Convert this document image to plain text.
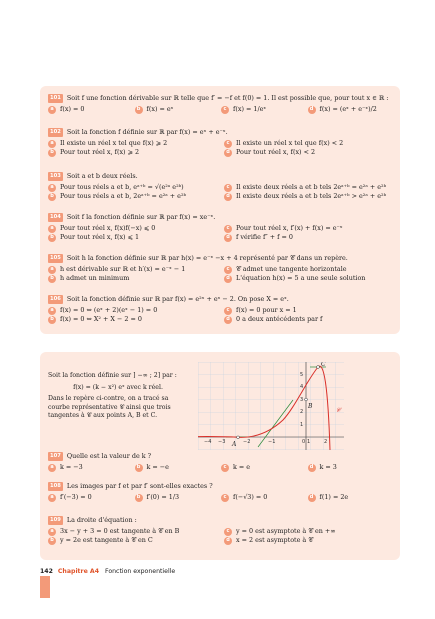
101 Soit f une fonction dérivable sur ℝ telle que f′ = −f et f(0) = 1. Il est possible que, pour tout x ∈ ℝ :
a f(x) = 0	b f(x) = eˣ	c	f(x) = 1/eˣ	d f(x) = (eˣ + e⁻ˣ)/2
102 Soit la fonction f définie sur ℝ par f(x) = eˣ + e⁻ˣ.
a Il existe un réel x tel que f(x) ⩾ 2	c	Il existe un réel x tel que f(x) < 2
b Pour tout réel x, f(x) ⩾ 2	d Pour tout réel x, f(x) < 2
103 Soit a et b deux réels.
a Pour tous réels a et b, eᵃ⁺ᵇ = √(e²ᵃ e²ᵇ)	c	Il existe deux réels a et b tels 2eᵃ⁺ᵇ = e²ᵃ + e²ᵇ
b Pour tous réels a et b, 2eᵃ⁺ᵇ = e²ᵃ + e²ᵇ	d Il existe deux réels a et b tels 2eᵃ⁺ᵇ > e²ᵃ + e²ᵇ
104 Soit f la fonction définie sur ℝ par f(x) = xe⁻ˣ.
a Pour tout réel x, f(x)f(−x) ⩽ 0	c	Pour tout réel x, f′(x) + f(x) = e⁻ˣ
b Pour tout réel x, f(x) ⩽ 1	d f vérifie f″ + f = 0
105 Soit h la fonction définie sur ℝ par h(x) = e⁻ˣ −x + 4 représenté par 𝒞 dans un repère.
a h est dérivable sur ℝ et h′(x) = e⁻ˣ − 1	c	𝒞 admet une tangente horizontale
b h admet un minimum	d L'équation h(x) = 5 a une seule solution
106 Soit la fonction définie sur ℝ par f(x) = e²ˣ + eˣ − 2. On pose X = eˣ.
a f(x) = 0 ⇔ (eˣ + 2)(eˣ − 1) = 0	c	f(x) = 0 pour x = 1
b f(x) = 0 ⇔ X² + X − 2 = 0	d 0 a deux antécédents par f

Soit la fonction définie sur ] −∞ ; 2] par :

f(x) = (k − x²) eˣ avec k réel.

Dans le repère ci-contre, on a tracé sa courbe représentative 𝒞 ainsi que trois tangentes à 𝒞 aux points A, B et C.

−4 −3	−2	−1	1	2
5
4
3
2
1
0
A
B
C
𝒞
107 Quelle est la valeur de k ?
a k = −3	b k = −e	c	k = e	d k = 3
108 Les images par f et par f′ sont-elles exactes ?
a f′(−3) = 0	b f′(0) = 1/3	c	f(−√3) = 0	d f(1) = 2e
109 La droite d'équation :
a 3x − y + 3 = 0 est tangente à 𝒞 en B	c	y = 0 est asymptote à 𝒞 en +∞
b y = 2e est tangente à 𝒞 en C	d x = 2 est asymptote à 𝒞
142 Chapitre A4 Fonction exponentielle
